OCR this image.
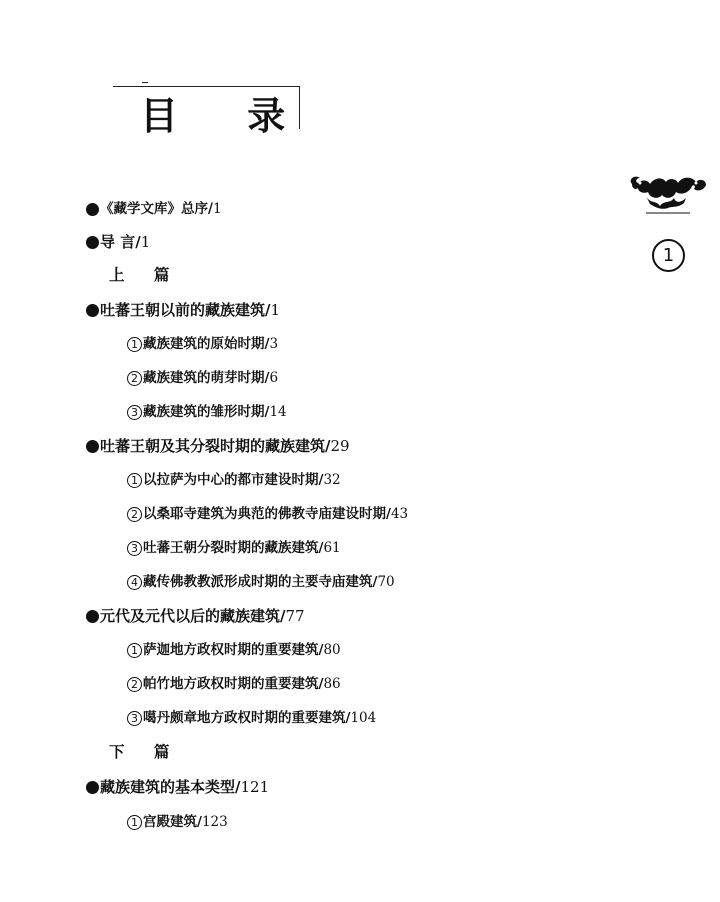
目 录
1
《藏学文库》总序/ 1
导 言/ 1
上 篇
吐蕃王朝以前的藏族建筑/ 1
1 藏族建筑的原始时期/ 3
2 藏族建筑的萌芽时期/ 6
3 藏族建筑的雏形时期/ 14
吐蕃王朝及其分裂时期的藏族建筑/ 29
1 以拉萨为中心的都市建设时期/ 32
2 以桑耶寺建筑为典范的佛教寺庙建设时期/ 43
3 吐蕃王朝分裂时期的藏族建筑/ 61
4 藏传佛教教派形成时期的主要寺庙建筑/ 70
元代及元代以后的藏族建筑/ 77
1 萨迦地方政权时期的重要建筑/ 80
2 帕竹地方政权时期的重要建筑/ 86
3 噶丹颇章地方政权时期的重要建筑/ 104
下 篇
藏族建筑的基本类型/ 121
1 宫殿建筑/ 123
